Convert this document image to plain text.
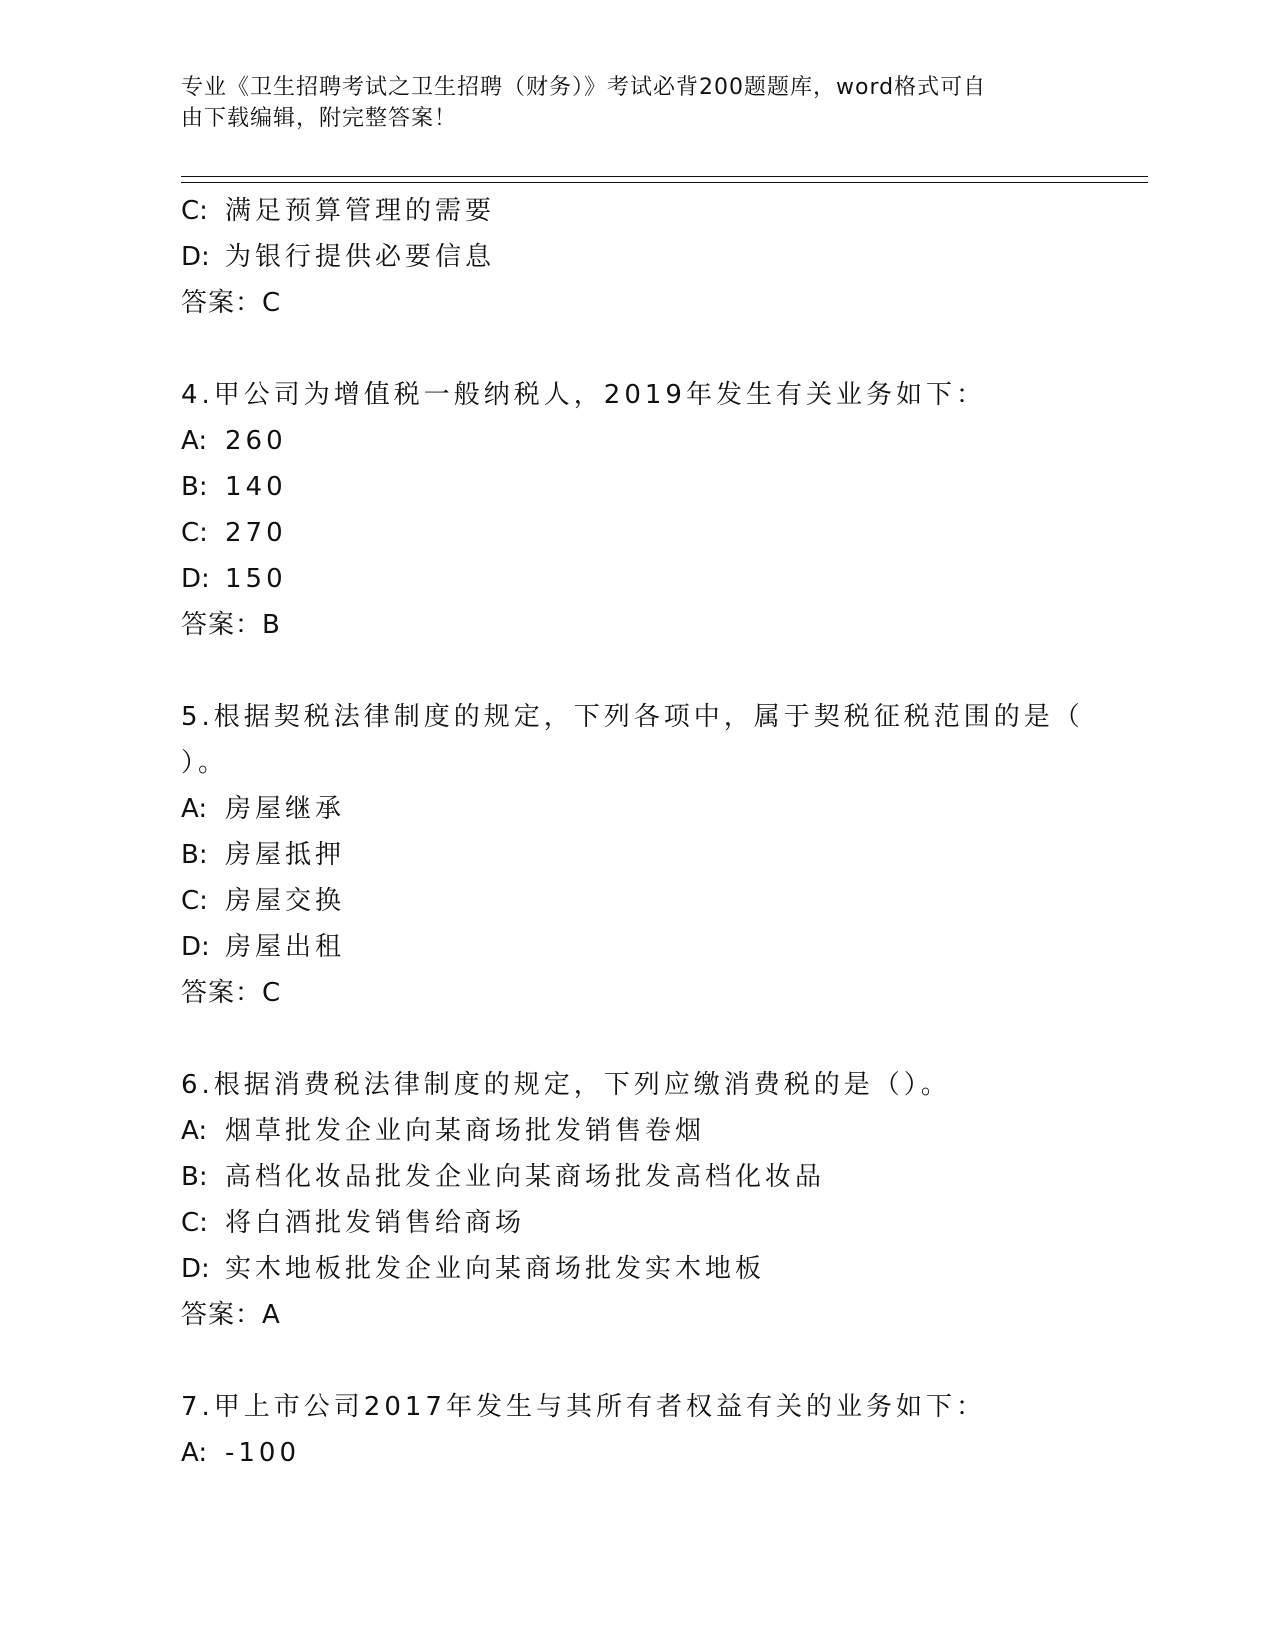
专业《卫生招聘考试之卫生招聘（财务）》考试必背200题题库，word格式可自
由下载编辑，附完整答案！
C: 满足预算管理的需要
D: 为银行提供必要信息
答案：C
4.甲公司为增值税一般纳税人，2019年发生有关业务如下：
A: 260
B: 140
C: 270
D: 150
答案：B
5.根据契税法律制度的规定，下列各项中，属于契税征税范围的是（
）。
A: 房屋继承
B: 房屋抵押
C: 房屋交换
D: 房屋出租
答案：C
6.根据消费税法律制度的规定，下列应缴消费税的是（）。
A: 烟草批发企业向某商场批发销售卷烟
B: 高档化妆品批发企业向某商场批发高档化妆品
C: 将白酒批发销售给商场
D: 实木地板批发企业向某商场批发实木地板
答案：A
7.甲上市公司2017年发生与其所有者权益有关的业务如下：
A: -100
